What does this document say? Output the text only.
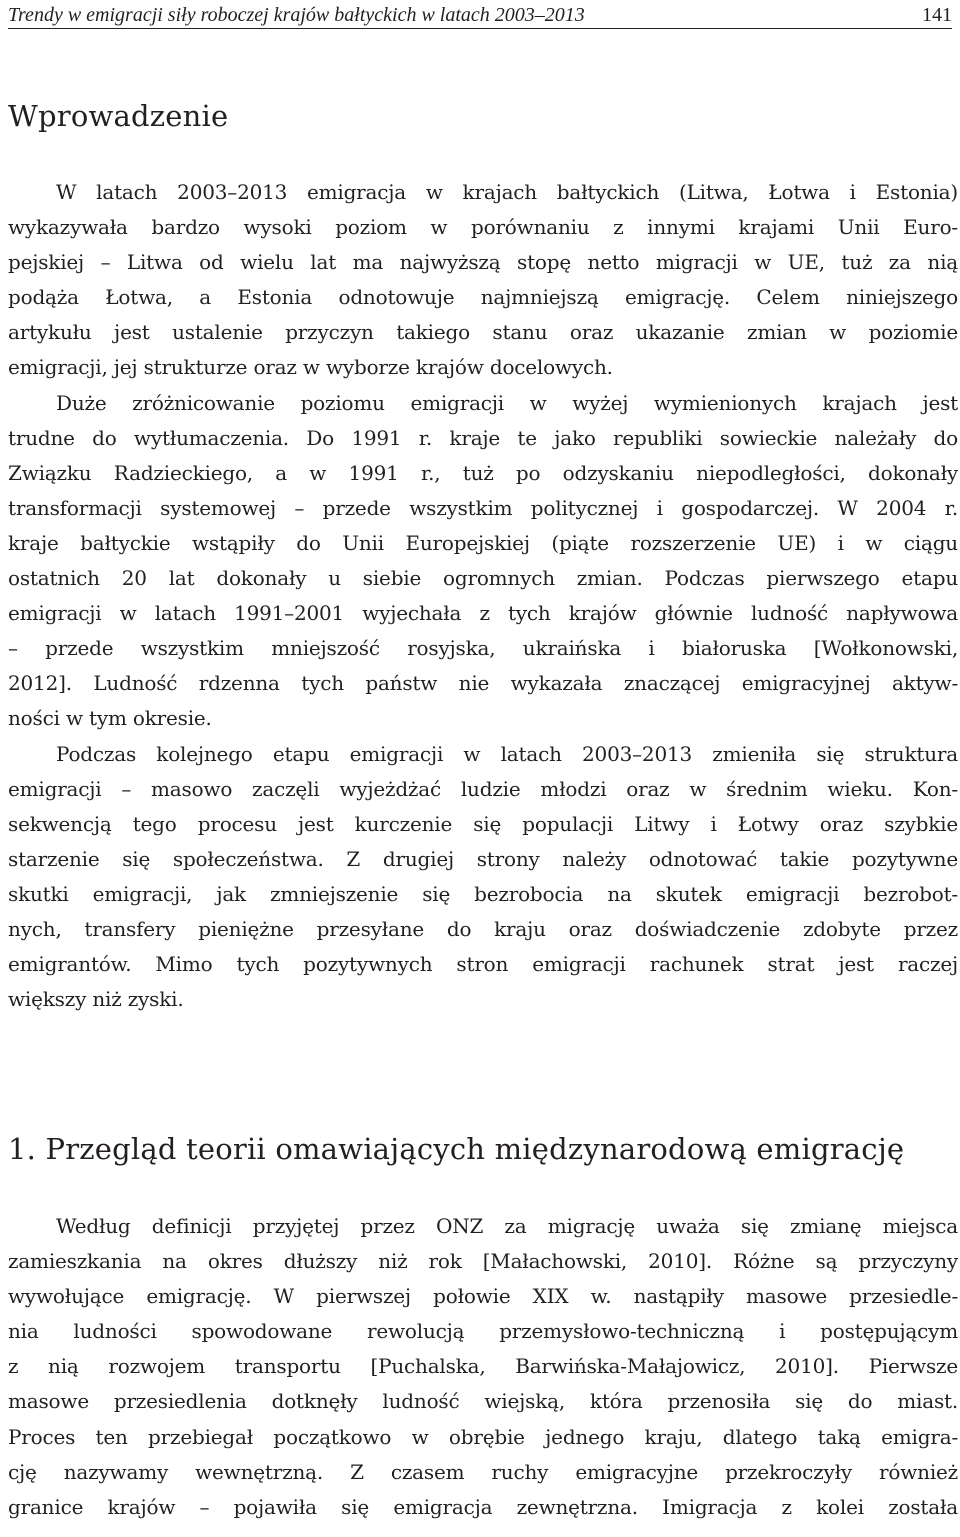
Trendy w emigracji siły roboczej krajów bałtyckich w latach 2003–2013	141
Wprowadzenie
W latach 2003–2013 emigracja w krajach bałtyckich (Litwa, Łotwa i Estonia)
wykazywała bardzo wysoki poziom w porównaniu z innymi krajami Unii Euro-
pejskiej – Litwa od wielu lat ma najwyższą stopę netto migracji w UE, tuż za nią
podąża Łotwa, a Estonia odnotowuje najmniejszą emigrację. Celem niniejszego
artykułu jest ustalenie przyczyn takiego stanu oraz ukazanie zmian w poziomie
emigracji, jej strukturze oraz w wyborze krajów docelowych.
Duże zróżnicowanie poziomu emigracji w wyżej wymienionych krajach jest
trudne do wytłumaczenia. Do 1991 r. kraje te jako republiki sowieckie należały do
Związku Radzieckiego, a w 1991 r., tuż po odzyskaniu niepodległości, dokonały
transformacji systemowej – przede wszystkim politycznej i gospodarczej. W 2004 r.
kraje bałtyckie wstąpiły do Unii Europejskiej (piąte rozszerzenie UE) i w ciągu
ostatnich 20 lat dokonały u siebie ogromnych zmian. Podczas pierwszego etapu
emigracji w latach 1991–2001 wyjechała z tych krajów głównie ludność napływowa
– przede wszystkim mniejszość rosyjska, ukraińska i białoruska [Wołkonowski,
2012]. Ludność rdzenna tych państw nie wykazała znaczącej emigracyjnej aktyw-
ności w tym okresie.
Podczas kolejnego etapu emigracji w latach 2003–2013 zmieniła się struktura
emigracji – masowo zaczęli wyjeżdżać ludzie młodzi oraz w średnim wieku. Kon-
sekwencją tego procesu jest kurczenie się populacji Litwy i Łotwy oraz szybkie
starzenie się społeczeństwa. Z drugiej strony należy odnotować takie pozytywne
skutki emigracji, jak zmniejszenie się bezrobocia na skutek emigracji bezrobot-
nych, transfery pieniężne przesyłane do kraju oraz doświadczenie zdobyte przez
emigrantów. Mimo tych pozytywnych stron emigracji rachunek strat jest raczej
większy niż zyski.
1. Przegląd teorii omawiających międzynarodową emigrację
Według definicji przyjętej przez ONZ za migrację uważa się zmianę miejsca
zamieszkania na okres dłuższy niż rok [Małachowski, 2010]. Różne są przyczyny
wywołujące emigrację. W pierwszej połowie XIX w. nastąpiły masowe przesiedle-
nia ludności spowodowane rewolucją przemysłowo-techniczną i postępującym
z nią rozwojem transportu [Puchalska, Barwińska-Małajowicz, 2010]. Pierwsze
masowe przesiedlenia dotknęły ludność wiejską, która przenosiła się do miast.
Proces ten przebiegał początkowo w obrębie jednego kraju, dlatego taką emigra-
cję nazywamy wewnętrzną. Z czasem ruchy emigracyjne przekroczyły również
granice krajów – pojawiła się emigracja zewnętrzna. Imigracja z kolei została
